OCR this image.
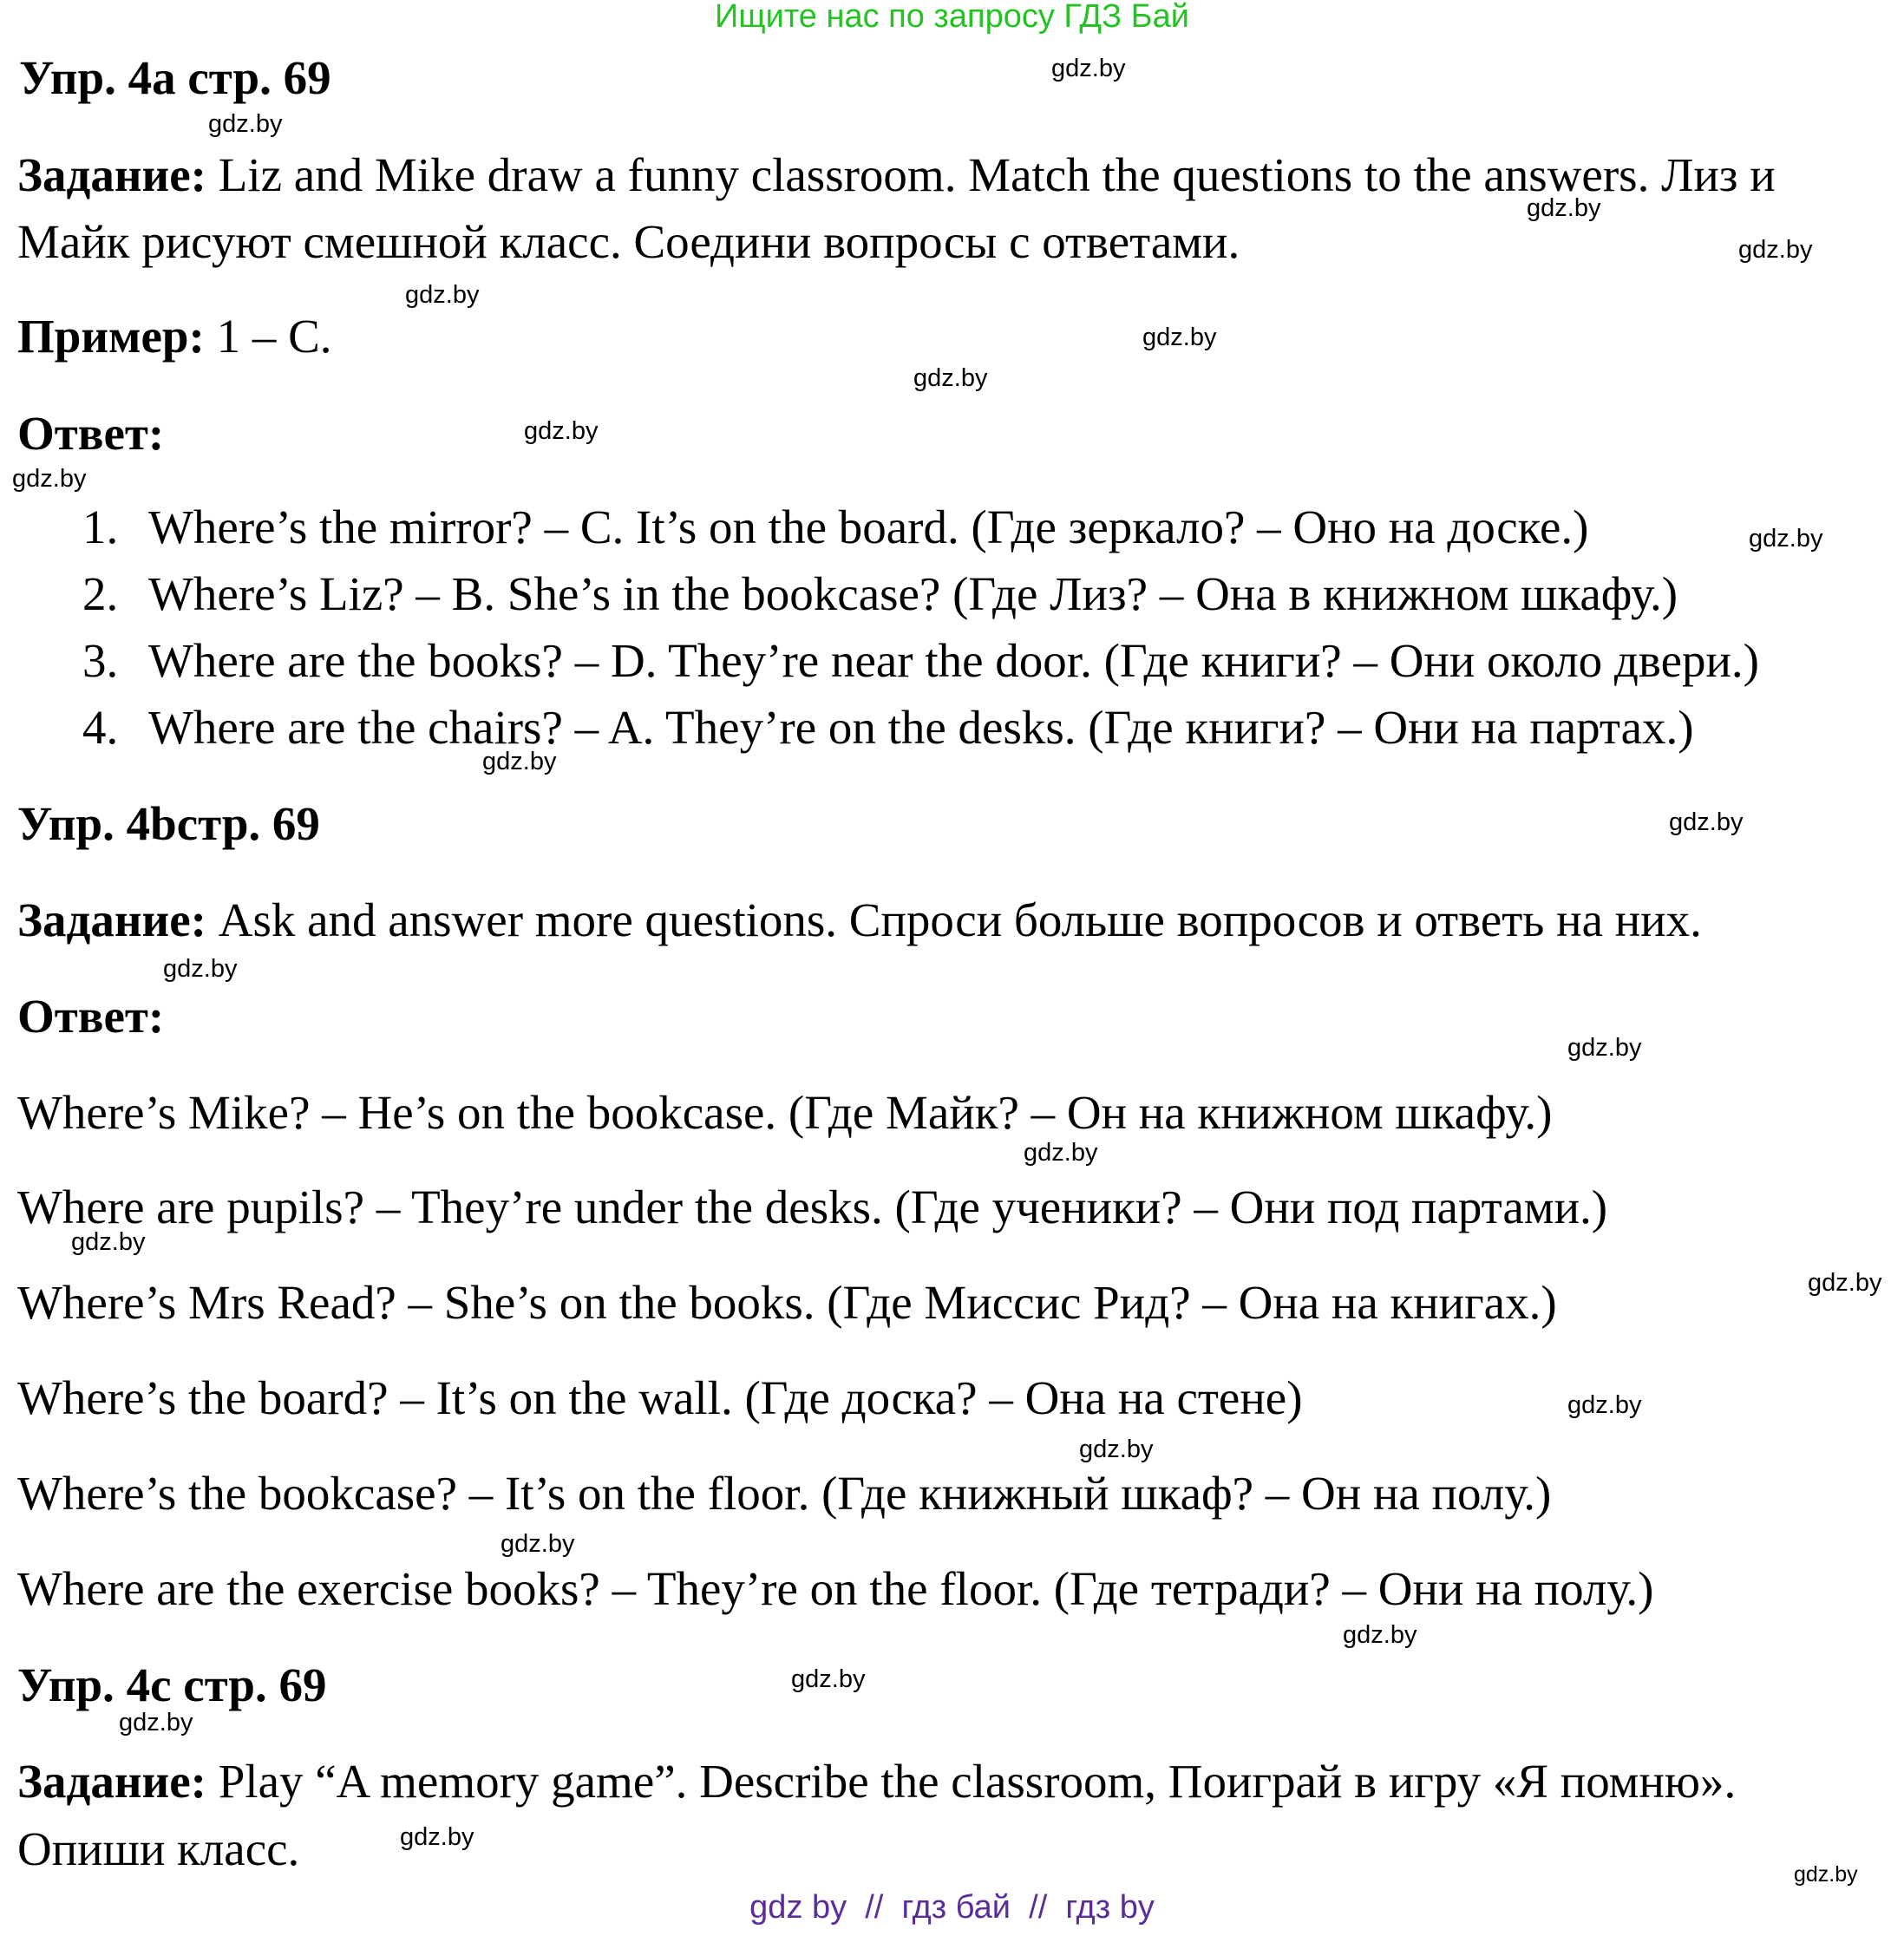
Ищите нас по запросу ГДЗ Бай
Упр. 4a стр. 69
Задание: Liz and Mike draw a funny classroom. Match the questions to the answers. Лиз и
Майк рисуют смешной класс. Соедини вопросы с ответами.
Пример: 1 – C.
Ответ:
1. Where’s the mirror? – C. It’s on the board. (Где зеркало? – Оно на доске.)
2. Where’s Liz? – B. She’s in the bookcase? (Где Лиз? – Она в книжном шкафу.)
3. Where are the books? – D. They’re near the door. (Где книги? – Они около двери.)
4. Where are the chairs? – A. They’re on the desks. (Где книги? – Они на партах.)
Упр. 4bстр. 69
Задание: Ask and answer more questions. Спроси больше вопросов и ответь на них.
Ответ:
Where’s Mike? – He’s on the bookcase. (Где Майк? – Он на книжном шкафу.)
Where are pupils? – They’re under the desks. (Где ученики? – Они под партами.)
Where’s Mrs Read? – She’s on the books. (Где Миссис Рид? – Она на книгах.)
Where’s the board? – It’s on the wall. (Где доска? – Она на стене)
Where’s the bookcase? – It’s on the floor. (Где книжный шкаф? – Он на полу.)
Where are the exercise books? – They’re on the floor. (Где тетради? – Они на полу.)
Упр. 4c стр. 69
Задание: Play “A memory game”. Describe the classroom, Поиграй в игру «Я помню».
Опиши класс.
gdz.by
gdz.by
gdz.by
gdz.by
gdz.by
gdz.by
gdz.by
gdz.by
gdz.by
gdz.by
gdz.by
gdz.by
gdz.by
gdz.by
gdz.by
gdz.by
gdz.by
gdz.by
gdz.by
gdz.by
gdz.by
gdz.by
gdz.by
gdz.by
gdz.by
gdz by  //  гдз бай  //  гдз by
